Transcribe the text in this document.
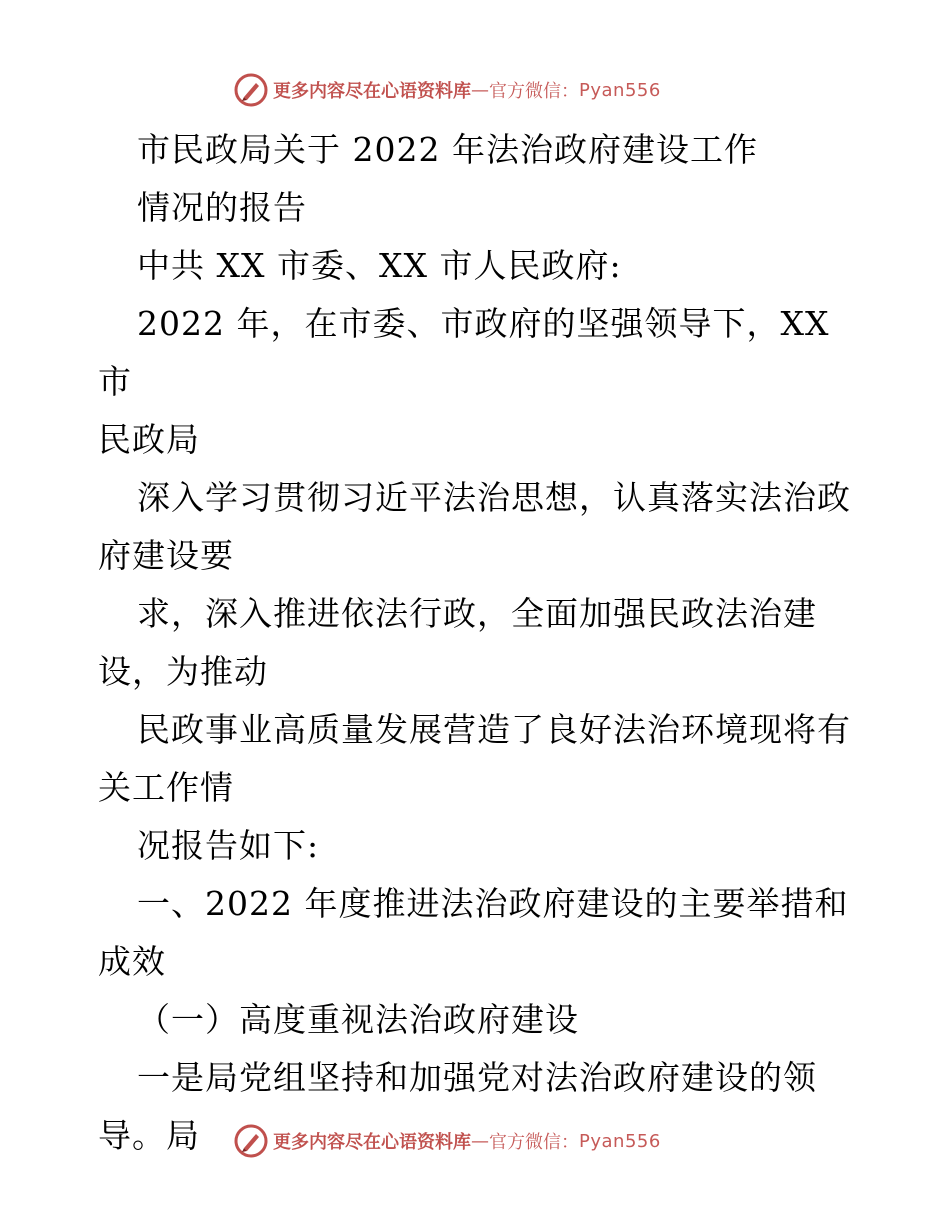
更多内容尽在心语资料库 — 官方微信： Pyan556

市民政局关于 2022 年法治政府建设工作

情况的报告

中共 XX 市委、XX 市人民政府:

2022 年，在市委、市政府的坚强领导下，XX 市

民政局

深入学习贯彻习近平法治思想，认真落实法治政

府建设要

求，深入推进依法行政，全面加强民政法治建

设，为推动

民政事业高质量发展营造了良好法治环境现将有

关工作情

况报告如下:

一、2022 年度推进法治政府建设的主要举措和

成效

（一）高度重视法治政府建设

一是局党组坚持和加强党对法治政府建设的领

导。局	更多内容尽在心语资料库 — 官方微信： Pyan556
